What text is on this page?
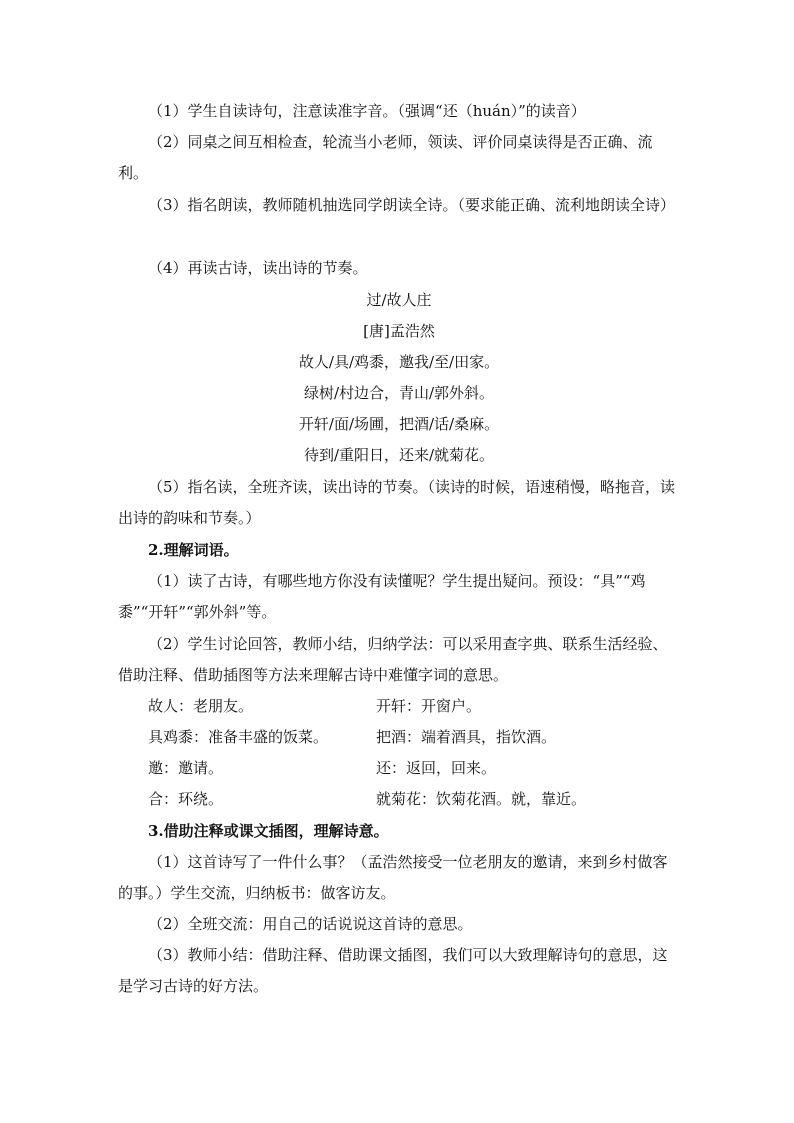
（1）学生自读诗句，注意读准字音。（强调“还（huán）”的读音）
（2）同桌之间互相检查，轮流当小老师，领读、评价同桌读得是否正确、流利。
（3）指名朗读，教师随机抽选同学朗读全诗。（要求能正确、流利地朗读全诗）
（4）再读古诗，读出诗的节奏。
过/故人庄
[唐]孟浩然
故人/具/鸡黍，邀我/至/田家。
绿树/村边合，青山/郭外斜。
开轩/面/场圃，把酒/话/桑麻。
待到/重阳日，还来/就菊花。
（5）指名读，全班齐读，读出诗的节奏。（读诗的时候，语速稍慢，略拖音，读出诗的韵味和节奏。）
2.理解词语。
（1）读了古诗，有哪些地方你没有读懂呢？学生提出疑问。预设：“具”“鸡黍”“开轩”“郭外斜”等。
（2）学生讨论回答，教师小结，归纳学法：可以采用查字典、联系生活经验、借助注释、借助插图等方法来理解古诗中难懂字词的意思。
故人：老朋友。	开轩：开窗户。
具鸡黍：准备丰盛的饭菜。	把酒：端着酒具，指饮酒。
邀：邀请。	还：返回，回来。
合：环绕。	就菊花：饮菊花酒。就，靠近。
3.借助注释或课文插图，理解诗意。
（1）这首诗写了一件什么事？（孟浩然接受一位老朋友的邀请，来到乡村做客的事。）学生交流，归纳板书：做客访友。
（2）全班交流：用自己的话说说这首诗的意思。
（3）教师小结：借助注释、借助课文插图，我们可以大致理解诗句的意思，这是学习古诗的好方法。
